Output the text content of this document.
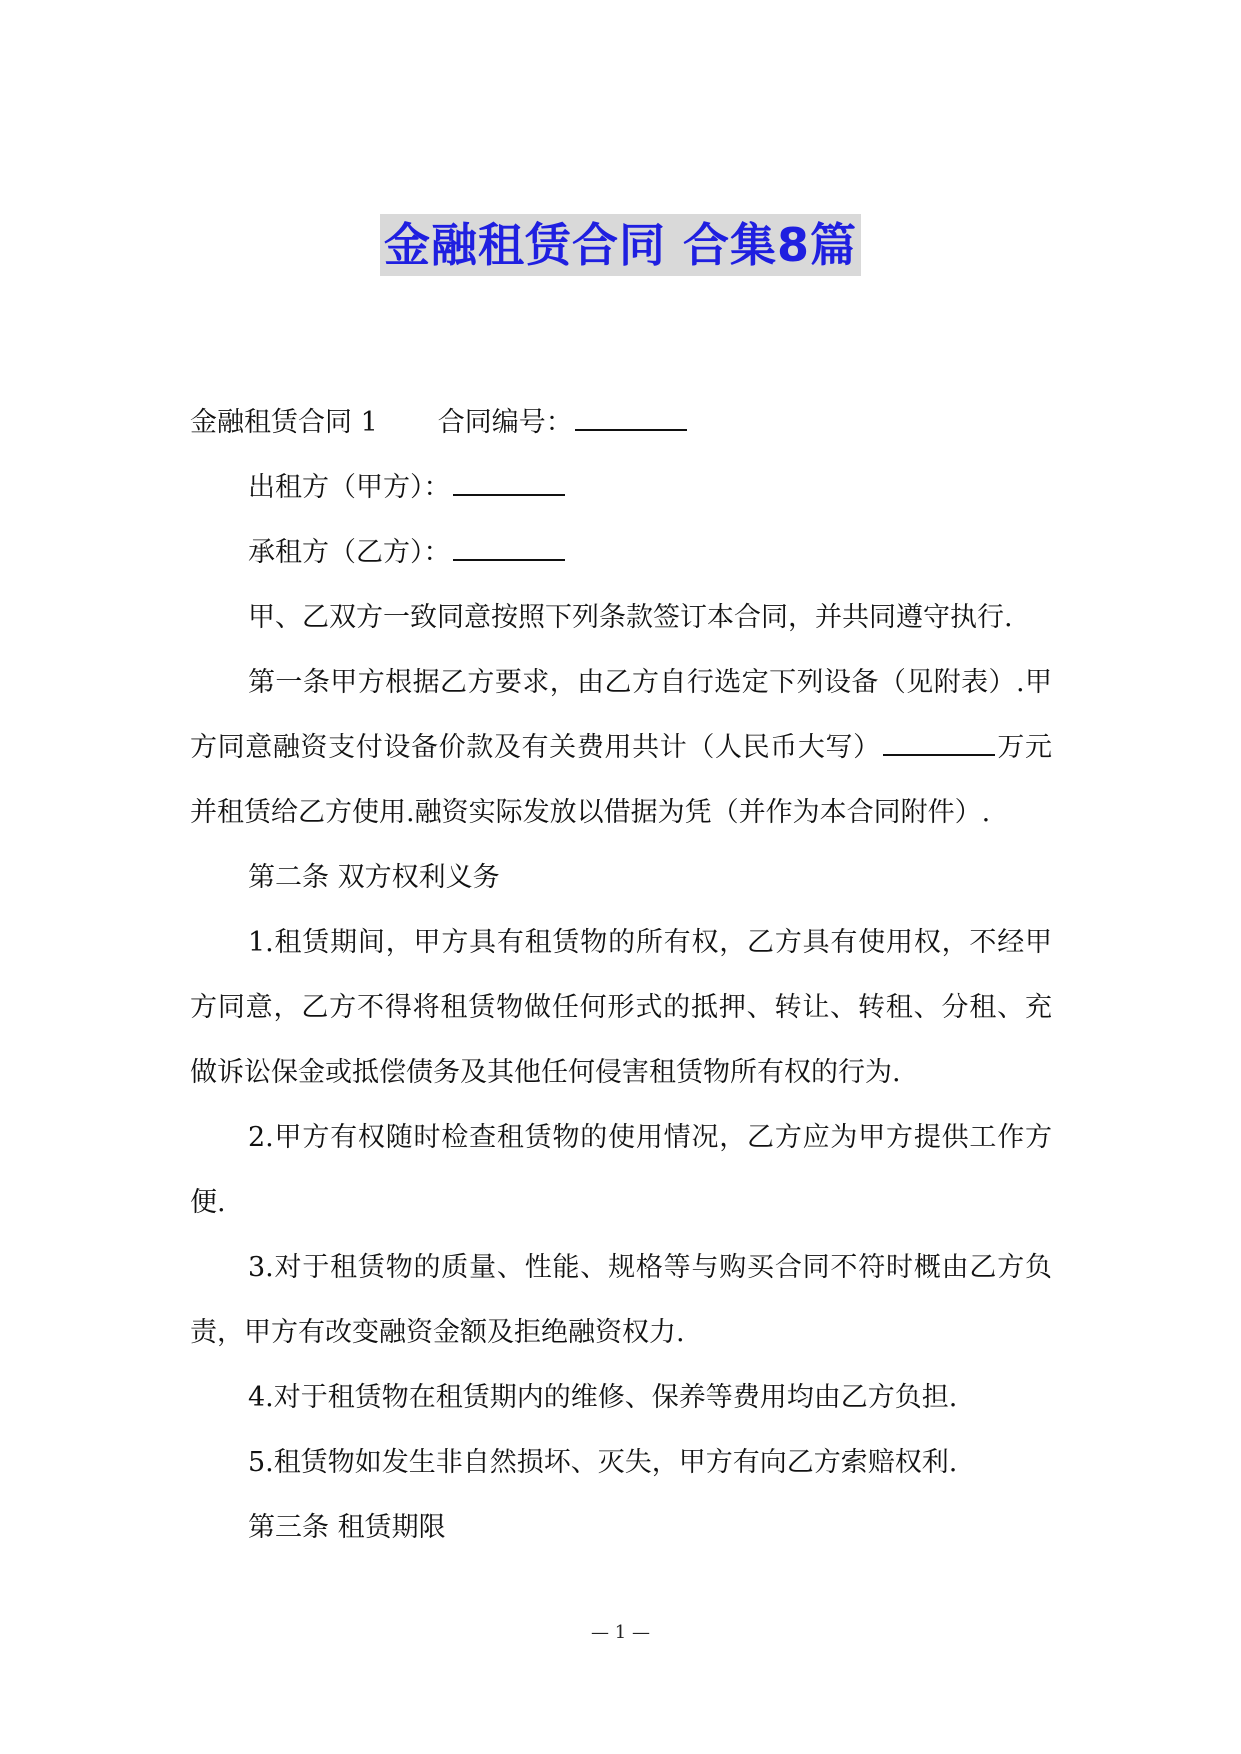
金融租赁合同 合集8篇

金融租赁合同 1 合同编号：

出租方（甲方）：

承租方（乙方）：

甲、乙双方一致同意按照下列条款签订本合同，并共同遵守执行.

第一条甲方根据乙方要求，由乙方自行选定下列设备（见附表）.甲方同意融资支付设备价款及有关费用共计（人民币大写）	万元并租赁给乙方使用.融资实际发放以借据为凭（并作为本合同附件）.

第二条 双方权利义务

1.租赁期间，甲方具有租赁物的所有权，乙方具有使用权，不经甲方同意，乙方不得将租赁物做任何形式的抵押、转让、转租、分租、充做诉讼保金或抵偿债务及其他任何侵害租赁物所有权的行为.

2.甲方有权随时检查租赁物的使用情况，乙方应为甲方提供工作方便.

3.对于租赁物的质量、性能、规格等与购买合同不符时概由乙方负责，甲方有改变融资金额及拒绝融资权力.

4.对于租赁物在租赁期内的维修、保养等费用均由乙方负担.

5.租赁物如发生非自然损坏、灭失，甲方有向乙方索赔权利.

第三条 租赁期限

— 1 —
